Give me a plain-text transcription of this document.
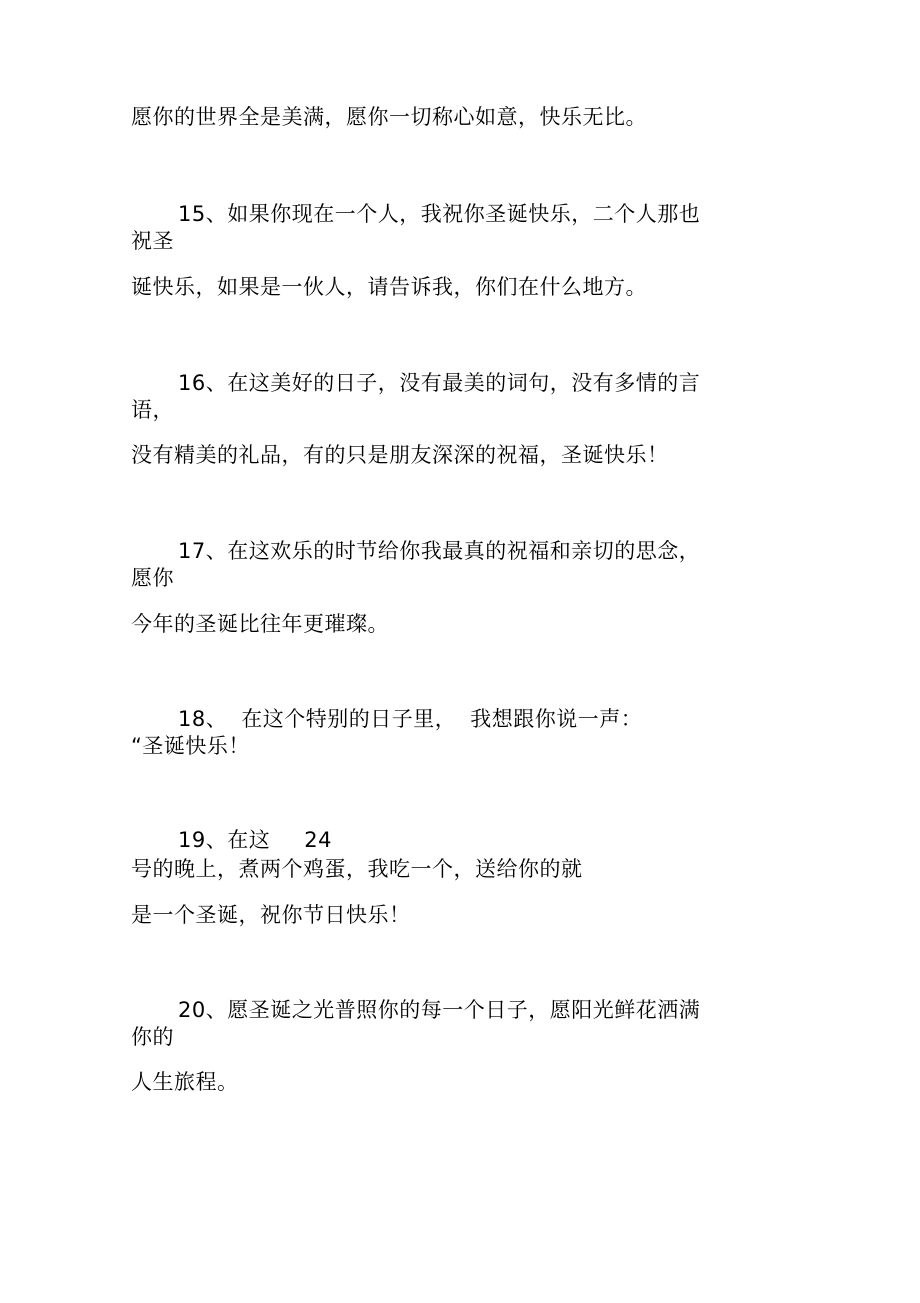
愿你的世界全是美满，愿你一切称心如意，快乐无比。
15、如果你现在一个人，我祝你圣诞快乐，二个人那也
祝圣
诞快乐，如果是一伙人，请告诉我，你们在什么地方。
16、在这美好的日子，没有最美的词句，没有多情的言
语，
没有精美的礼品，有的只是朋友深深的祝福，圣诞快乐！
17、在这欢乐的时节给你我最真的祝福和亲切的思念，
愿你
今年的圣诞比往年更璀璨。
18、 在这个特别的日子里， 我想跟你说一声：
“圣诞快乐！
19、在这 24
号的晚上，煮两个鸡蛋，我吃一个，送给你的就
是一个圣诞，祝你节日快乐！
20、愿圣诞之光普照你的每一个日子，愿阳光鲜花洒满
你的
人生旅程。
